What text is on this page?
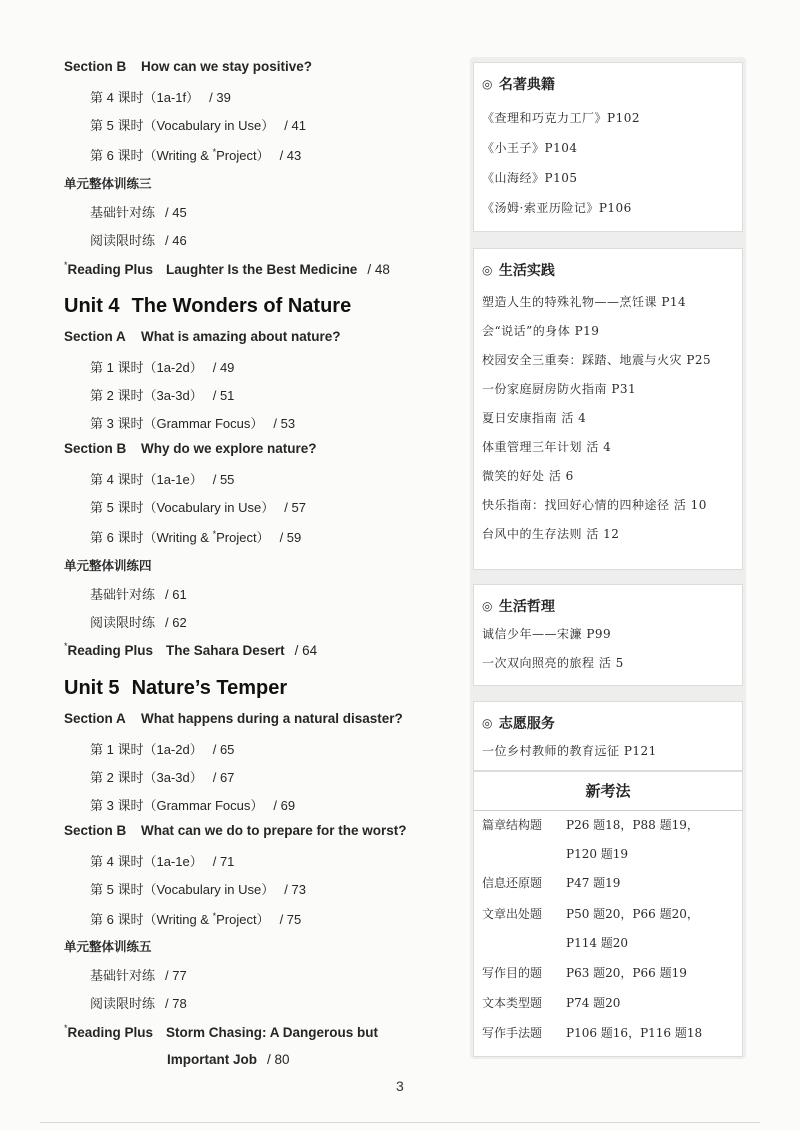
Section B How can we stay positive?
第 4 课时（1a-1f） / 39
第 5 课时（Vocabulary in Use） / 41
第 6 课时（Writing & *Project） / 43
单元整体训练三
基础针对练 / 45
阅读限时练 / 46
*Reading Plus Laughter Is the Best Medicine / 48
Unit 4 The Wonders of Nature
Section A What is amazing about nature?
第 1 课时（1a-2d） / 49
第 2 课时（3a-3d） / 51
第 3 课时（Grammar Focus） / 53
Section B Why do we explore nature?
第 4 课时（1a-1e） / 55
第 5 课时（Vocabulary in Use） / 57
第 6 课时（Writing & *Project） / 59
单元整体训练四
基础针对练 / 61
阅读限时练 / 62
*Reading Plus The Sahara Desert / 64
Unit 5 Nature’s Temper
Section A What happens during a natural disaster?
第 1 课时（1a-2d） / 65
第 2 课时（3a-3d） / 67
第 3 课时（Grammar Focus） / 69
Section B What can we do to prepare for the worst?
第 4 课时（1a-1e） / 71
第 5 课时（Vocabulary in Use） / 73
第 6 课时（Writing & *Project） / 75
单元整体训练五
基础针对练 / 77
阅读限时练 / 78
*Reading Plus Storm Chasing: A Dangerous but
Important Job / 80
3
◎ 名著典籍
《查理和巧克力工厂》P102
《小王子》P104
《山海经》P105
《汤姆·索亚历险记》P106
◎ 生活实践
塑造人生的特殊礼物——烹饪课 P14
会“说话”的身体 P19
校园安全三重奏：踩踏、地震与火灾 P25
一份家庭厨房防火指南 P31
夏日安康指南 活 4
体重管理三年计划 活 4
微笑的好处 活 6
快乐指南：找回好心情的四种途径 活 10
台风中的生存法则 活 12
◎ 生活哲理
诚信少年——宋濂 P99
一次双向照亮的旅程 活 5
◎ 志愿服务
一位乡村教师的教育远征 P121
新考法
篇章结构题 P26 题18，P88 题19，
P120 题19
信息还原题 P47 题19
文章出处题 P50 题20，P66 题20，
P114 题20
写作目的题 P63 题20，P66 题19
文本类型题 P74 题20
写作手法题 P106 题16，P116 题18
